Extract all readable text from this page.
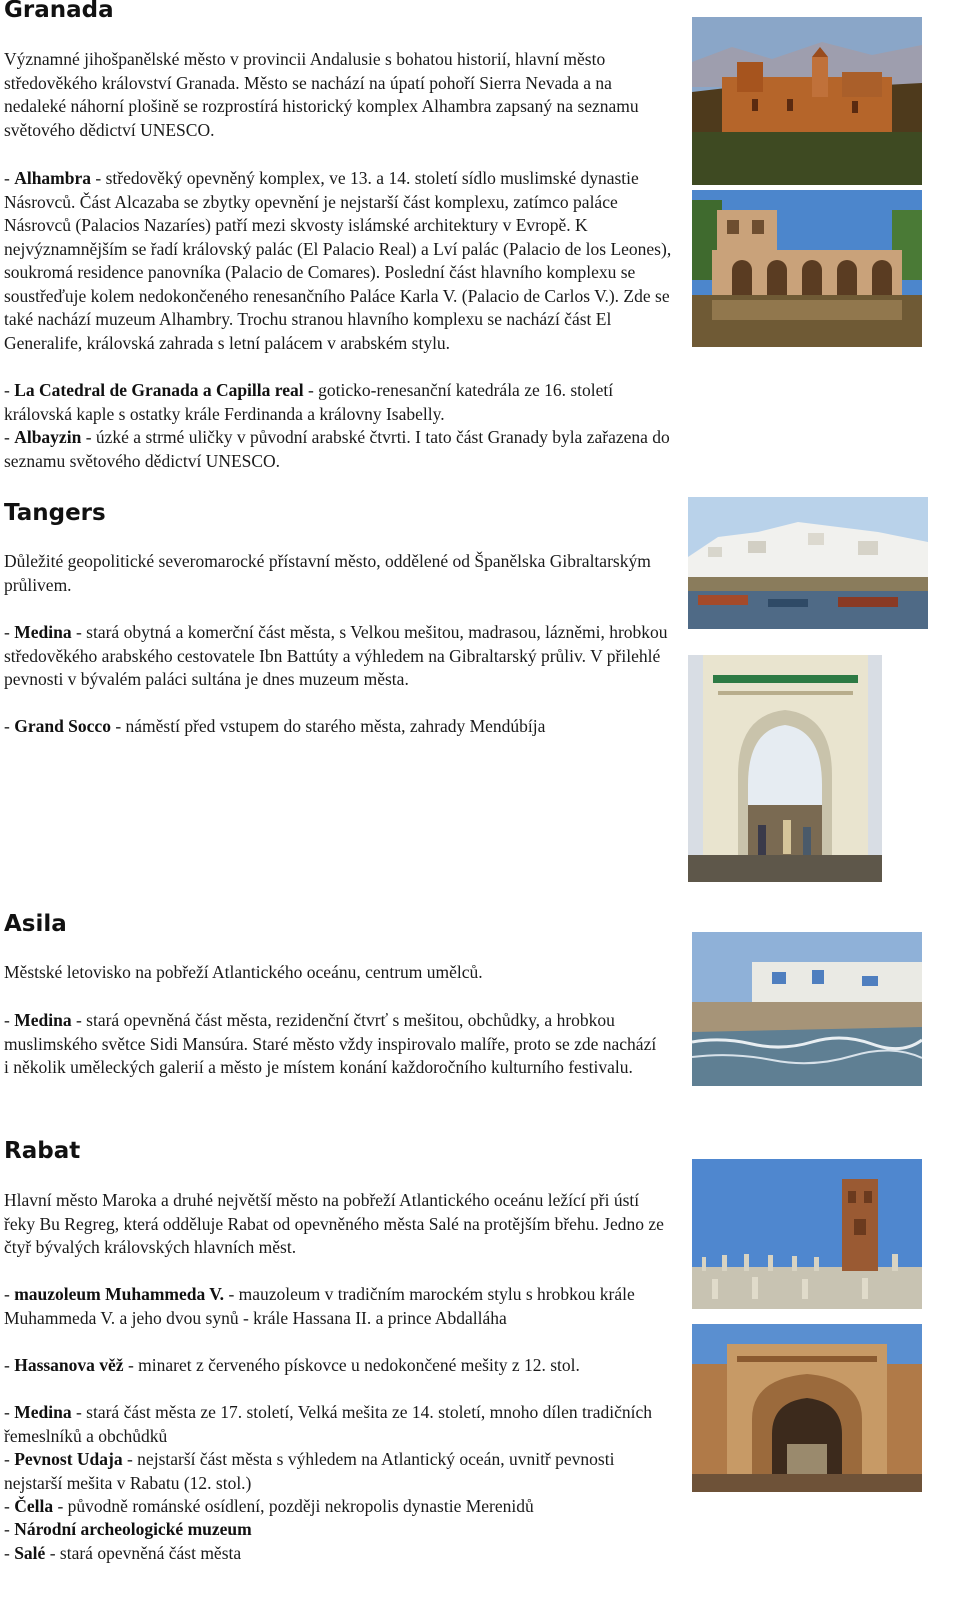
Granada

Významné jihošpanělské město v provincii Andalusie s bohatou historií, hlavní město středověkého království Granada. Město se nachází na úpatí pohoří Sierra Nevada a na nedaleké náhorní plošině se rozprostírá historický komplex Alhambra zapsaný na seznamu světového dědictví UNESCO.

- Alhambra - středověký opevněný komplex, ve 13. a 14. století sídlo muslimské dynastie Násrovců. Část Alcazaba se zbytky opevnění je nejstarší část komplexu, zatímco paláce Násrovců (Palacios Nazaríes) patří mezi skvosty islámské architektury v Evropě. K nejvýznamnějším se řadí královský palác (El Palacio Real) a Lví palác (Palacio de los Leones), soukromá residence panovníka (Palacio de Comares). Poslední část hlavního komplexu se soustřeďuje kolem nedokončeného renesančního Paláce Karla V. (Palacio de Carlos V.). Zde se také nachází muzeum Alhambry. Trochu stranou hlavního komplexu se nachází část El Generalife, královská zahrada s letní palácem v arabském stylu.

- La Catedral de Granada a Capilla real - goticko-renesanční katedrála ze 16. století královská kaple s ostatky krále Ferdinanda a královny Isabelly.

- Albayzin - úzké a strmé uličky v původní arabské čtvrti. I tato část Granady byla zařazena do seznamu světového dědictví UNESCO.

Tangers

Důležité geopolitické severomarocké přístavní město, oddělené od Španělska Gibraltarským průlivem.

- Medina - stará obytná a komerční část města, s Velkou mešitou, madrasou, lázněmi, hrobkou středověkého arabského cestovatele Ibn Battúty a výhledem na Gibraltarský průliv. V přilehlé pevnosti v bývalém paláci sultána je dnes muzeum města.

- Grand Socco - náměstí před vstupem do starého města, zahrady Mendúbíja

Asila

Městské letovisko na pobřeží Atlantického oceánu, centrum umělců.

- Medina - stará opevněná část města, rezidenční čtvrť s mešitou, obchůdky, a hrobkou muslimského světce Sidi Mansúra. Staré město vždy inspirovalo malíře, proto se zde nachází i několik uměleckých galerií a město je místem konání každoročního kulturního festivalu.

Rabat

Hlavní město Maroka a druhé největší město na pobřeží Atlantického oceánu ležící při ústí řeky Bu Regreg, která odděluje Rabat od opevněného města Salé na protějším břehu. Jedno ze čtyř bývalých královských hlavních měst.

- mauzoleum Muhammeda V. - mauzoleum v tradičním marockém stylu s hrobkou krále Muhammeda V. a jeho dvou synů - krále Hassana II. a prince Abdalláha

- Hassanova věž - minaret z červeného pískovce u nedokončené mešity z 12. stol.

- Medina - stará část města ze 17. století, Velká mešita ze 14. století, mnoho dílen tradičních řemeslníků a obchůdků

- Pevnost Udaja - nejstarší část města s výhledem na Atlantický oceán, uvnitř pevnosti nejstarší mešita v Rabatu (12. stol.)

- Čella - původně románské osídlení, později nekropolis dynastie Merenidů

- Národní archeologické muzeum

- Salé - stará opevněná část města
